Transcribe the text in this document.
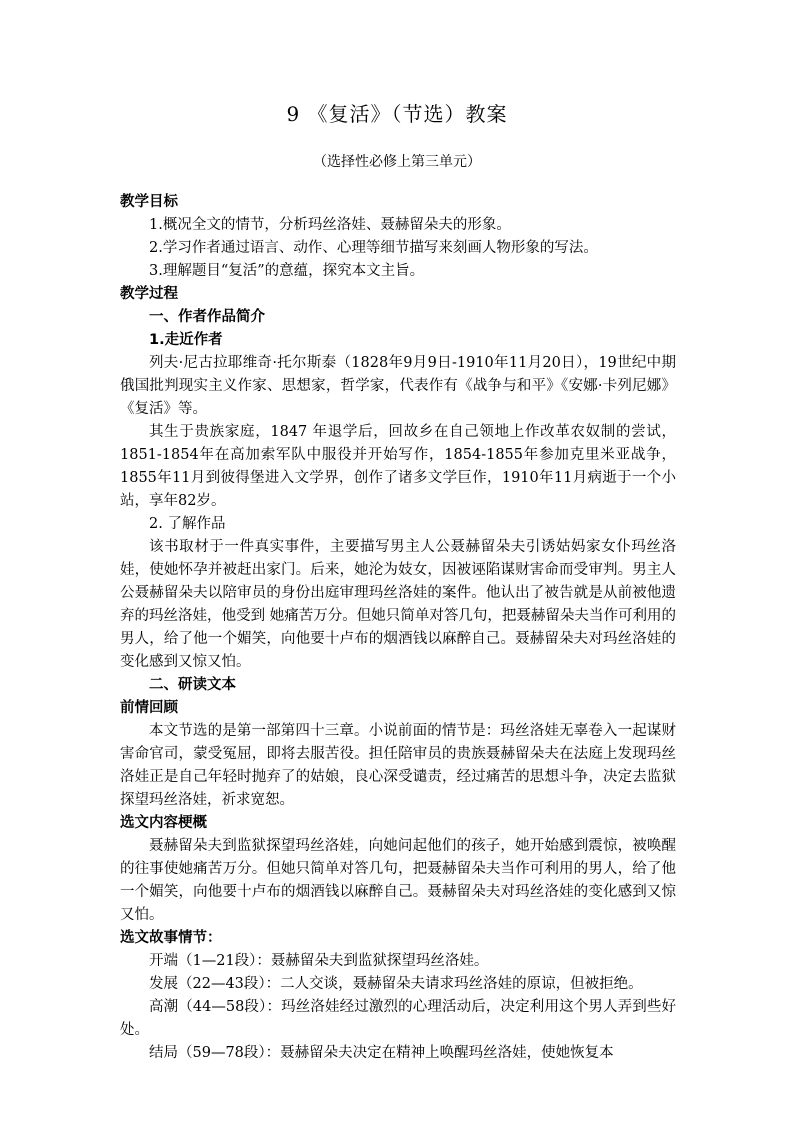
9 《复活》（节选）教案
（选择性必修上第三单元）

教学目标

1.概况全文的情节，分析玛丝洛娃、聂赫留朵夫的形象。

2.学习作者通过语言、动作、心理等细节描写来刻画人物形象的写法。

3.理解题目“复活”的意蕴，探究本文主旨。

教学过程

一、作者作品简介

1.走近作者

列夫·尼古拉耶维奇·托尔斯泰（1828年9月9日-1910年11月20日），19世纪中期俄国批判现实主义作家、思想家，哲学家，代表作有《战争与和平》《安娜·卡列尼娜》《复活》等。

其生于贵族家庭，1847 年退学后，回故乡在自己领地上作改革农奴制的尝试，1851-1854年在高加索军队中服役并开始写作，1854-1855年参加克里米亚战争，1855年11月到彼得堡进入文学界，创作了诸多文学巨作，1910年11月病逝于一个小站，享年82岁。

2. 了解作品

该书取材于一件真实事件，主要描写男主人公聂赫留朵夫引诱姑妈家女仆玛丝洛娃，使她怀孕并被赶出家门。后来，她沦为妓女，因被诬陷谋财害命而受审判。男主人公聂赫留朵夫以陪审员的身份出庭审理玛丝洛娃的案件。他认出了被告就是从前被他遗弃的玛丝洛娃，他受到 她痛苦万分。但她只简单对答几句，把聂赫留朵夫当作可利用的男人，给了他一个媚笑，向他要十卢布的烟酒钱以麻醉自己。聂赫留朵夫对玛丝洛娃的变化感到又惊又怕。

二、研读文本

前情回顾

本文节选的是第一部第四十三章。小说前面的情节是：玛丝洛娃无辜卷入一起谋财害命官司，蒙受冤屈，即将去服苦役。担任陪审员的贵族聂赫留朵夫在法庭上发现玛丝洛娃正是自己年轻时抛弃了的姑娘，良心深受谴责，经过痛苦的思想斗争，决定去监狱探望玛丝洛娃，祈求宽恕。

选文内容梗概

聂赫留朵夫到监狱探望玛丝洛娃，向她问起他们的孩子，她开始感到震惊，被唤醒的往事使她痛苦万分。但她只简单对答几句，把聂赫留朵夫当作可利用的男人，给了他一个媚笑，向他要十卢布的烟酒钱以麻醉自己。聂赫留朵夫对玛丝洛娃的变化感到又惊又怕。

选文故事情节：

开端（1—21段）：聂赫留朵夫到监狱探望玛丝洛娃。

发展（22—43段）：二人交谈，聂赫留朵夫请求玛丝洛娃的原谅，但被拒绝。

高潮（44—58段）：玛丝洛娃经过激烈的心理活动后，决定利用这个男人弄到些好处。

结局（59—78段）：聂赫留朵夫决定在精神上唤醒玛丝洛娃，使她恢复本
